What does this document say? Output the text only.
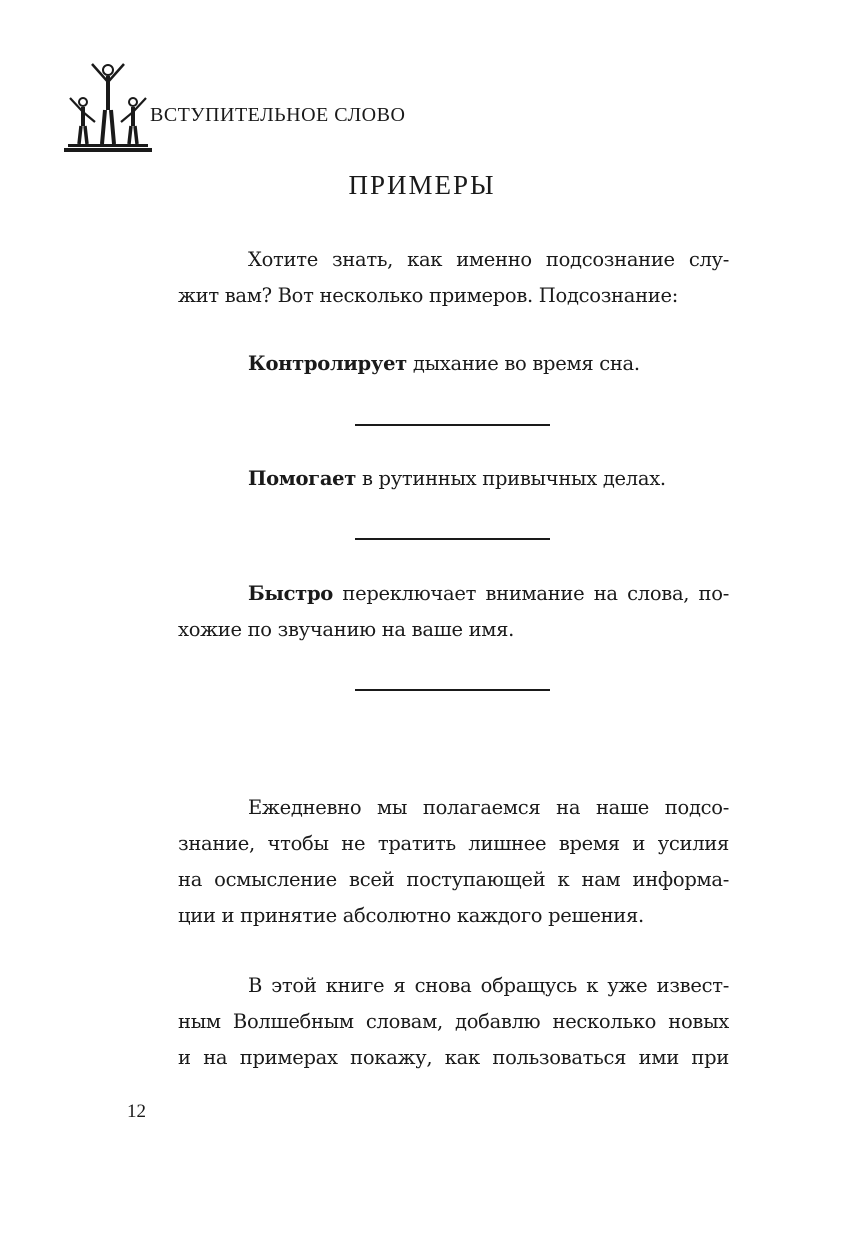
ВСТУПИТЕЛЬНОЕ СЛОВО
ПРИМЕРЫ
Хотите знать, как именно подсознание слу-
жит вам? Вот несколько примеров. Подсознание:
Контролирует дыхание во время сна.
Помогает в рутинных привычных делах.
Быстро переключает внимание на слова, по-
хожие по звучанию на ваше имя.
Ежедневно мы полагаемся на наше подсо-
знание, чтобы не тратить лишнее время и усилия
на осмысление всей поступающей к нам информа-
ции и принятие абсолютно каждого решения.
В этой книге я снова обращусь к уже извест-
ным Волшебным словам, добавлю несколько новых
и на примерах покажу, как пользоваться ими при
12
